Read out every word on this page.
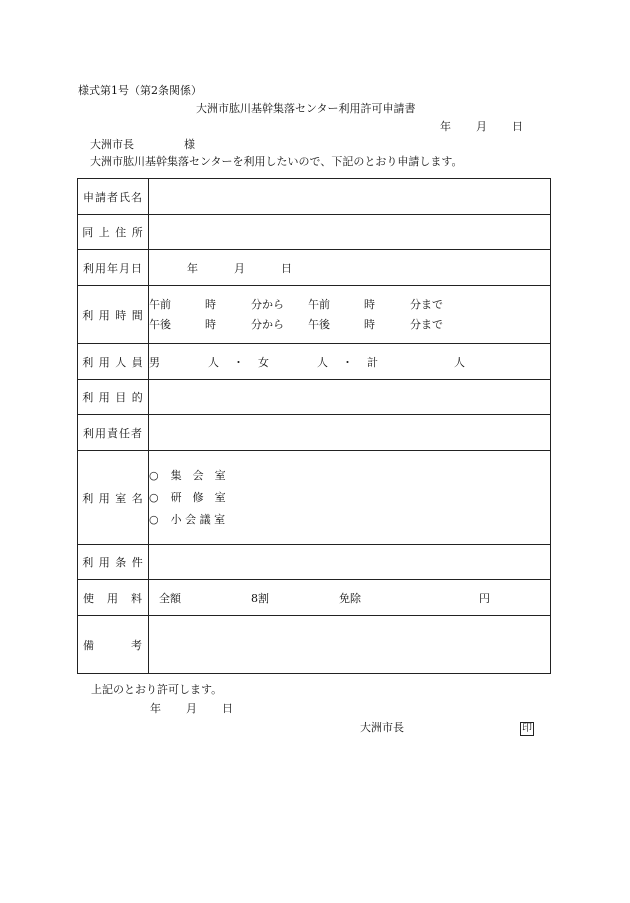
様式第1号（第2条関係）
大洲市肱川基幹集落センター利用許可申請書
年 月 日
大洲市長	様
大洲市肱川基幹集落センターを利用したいので、下記のとおり申請します。
申請者氏名	
同 上 住 所	
利用年月日	年 月 日
利 用 時 間	午前 時 分から 午前 時 分まで
午後 時 分から 午後 時 分まで

利 用 人 員	男 人 ・ 女 人 ・ 計 人
利 用 目 的	
利用責任者	
利 用 室 名	○ 集　会　室
○ 研　修　室
○ 小 会 議 室

利 用 条 件	
使　用　料	全額 8割 免除 円
備　　　考	
上記のとおり許可します。
年 月 日
大洲市長	印
